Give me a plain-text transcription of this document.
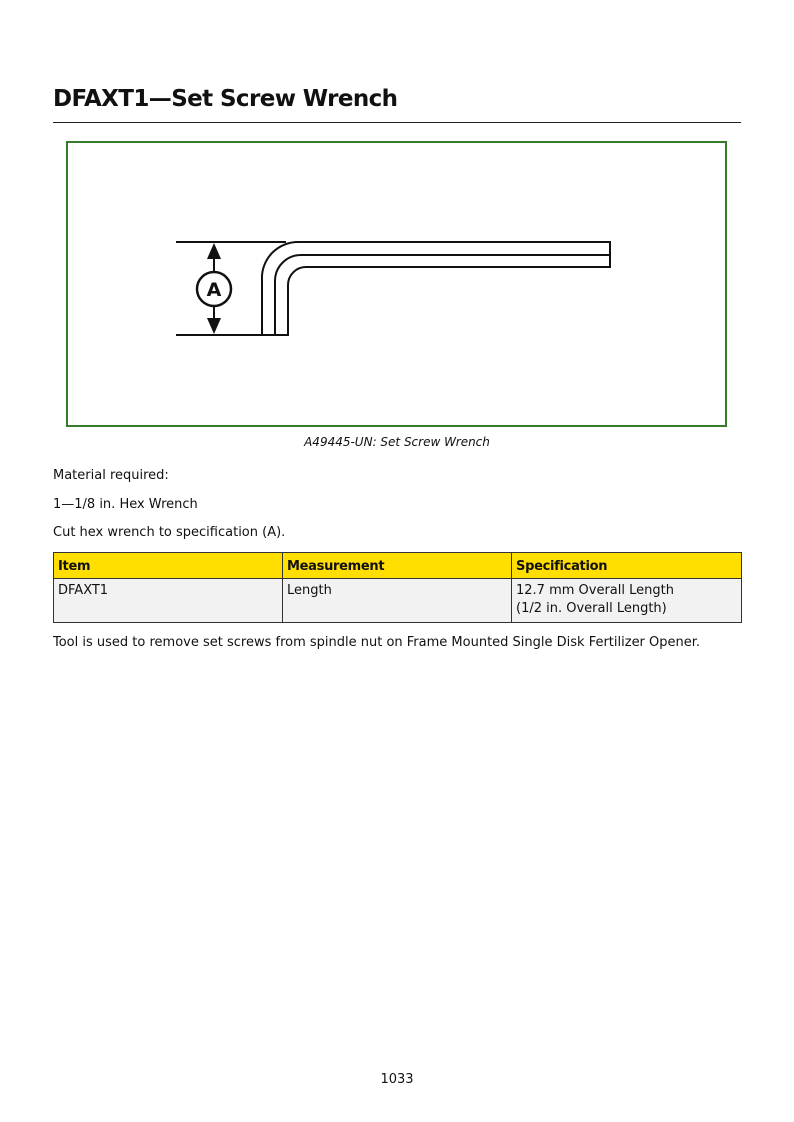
DFAXT1—Set Screw Wrench
A
A49445-UN: Set Screw Wrench

Material required:

1—1/8 in. Hex Wrench

Cut hex wrench to specification (A).

Item	Measurement	Specification
DFAXT1	Length	12.7 mm Overall Length
(1/2 in. Overall Length)

Tool is used to remove set screws from spindle nut on Frame Mounted Single Disk Fertilizer Opener.

1033
